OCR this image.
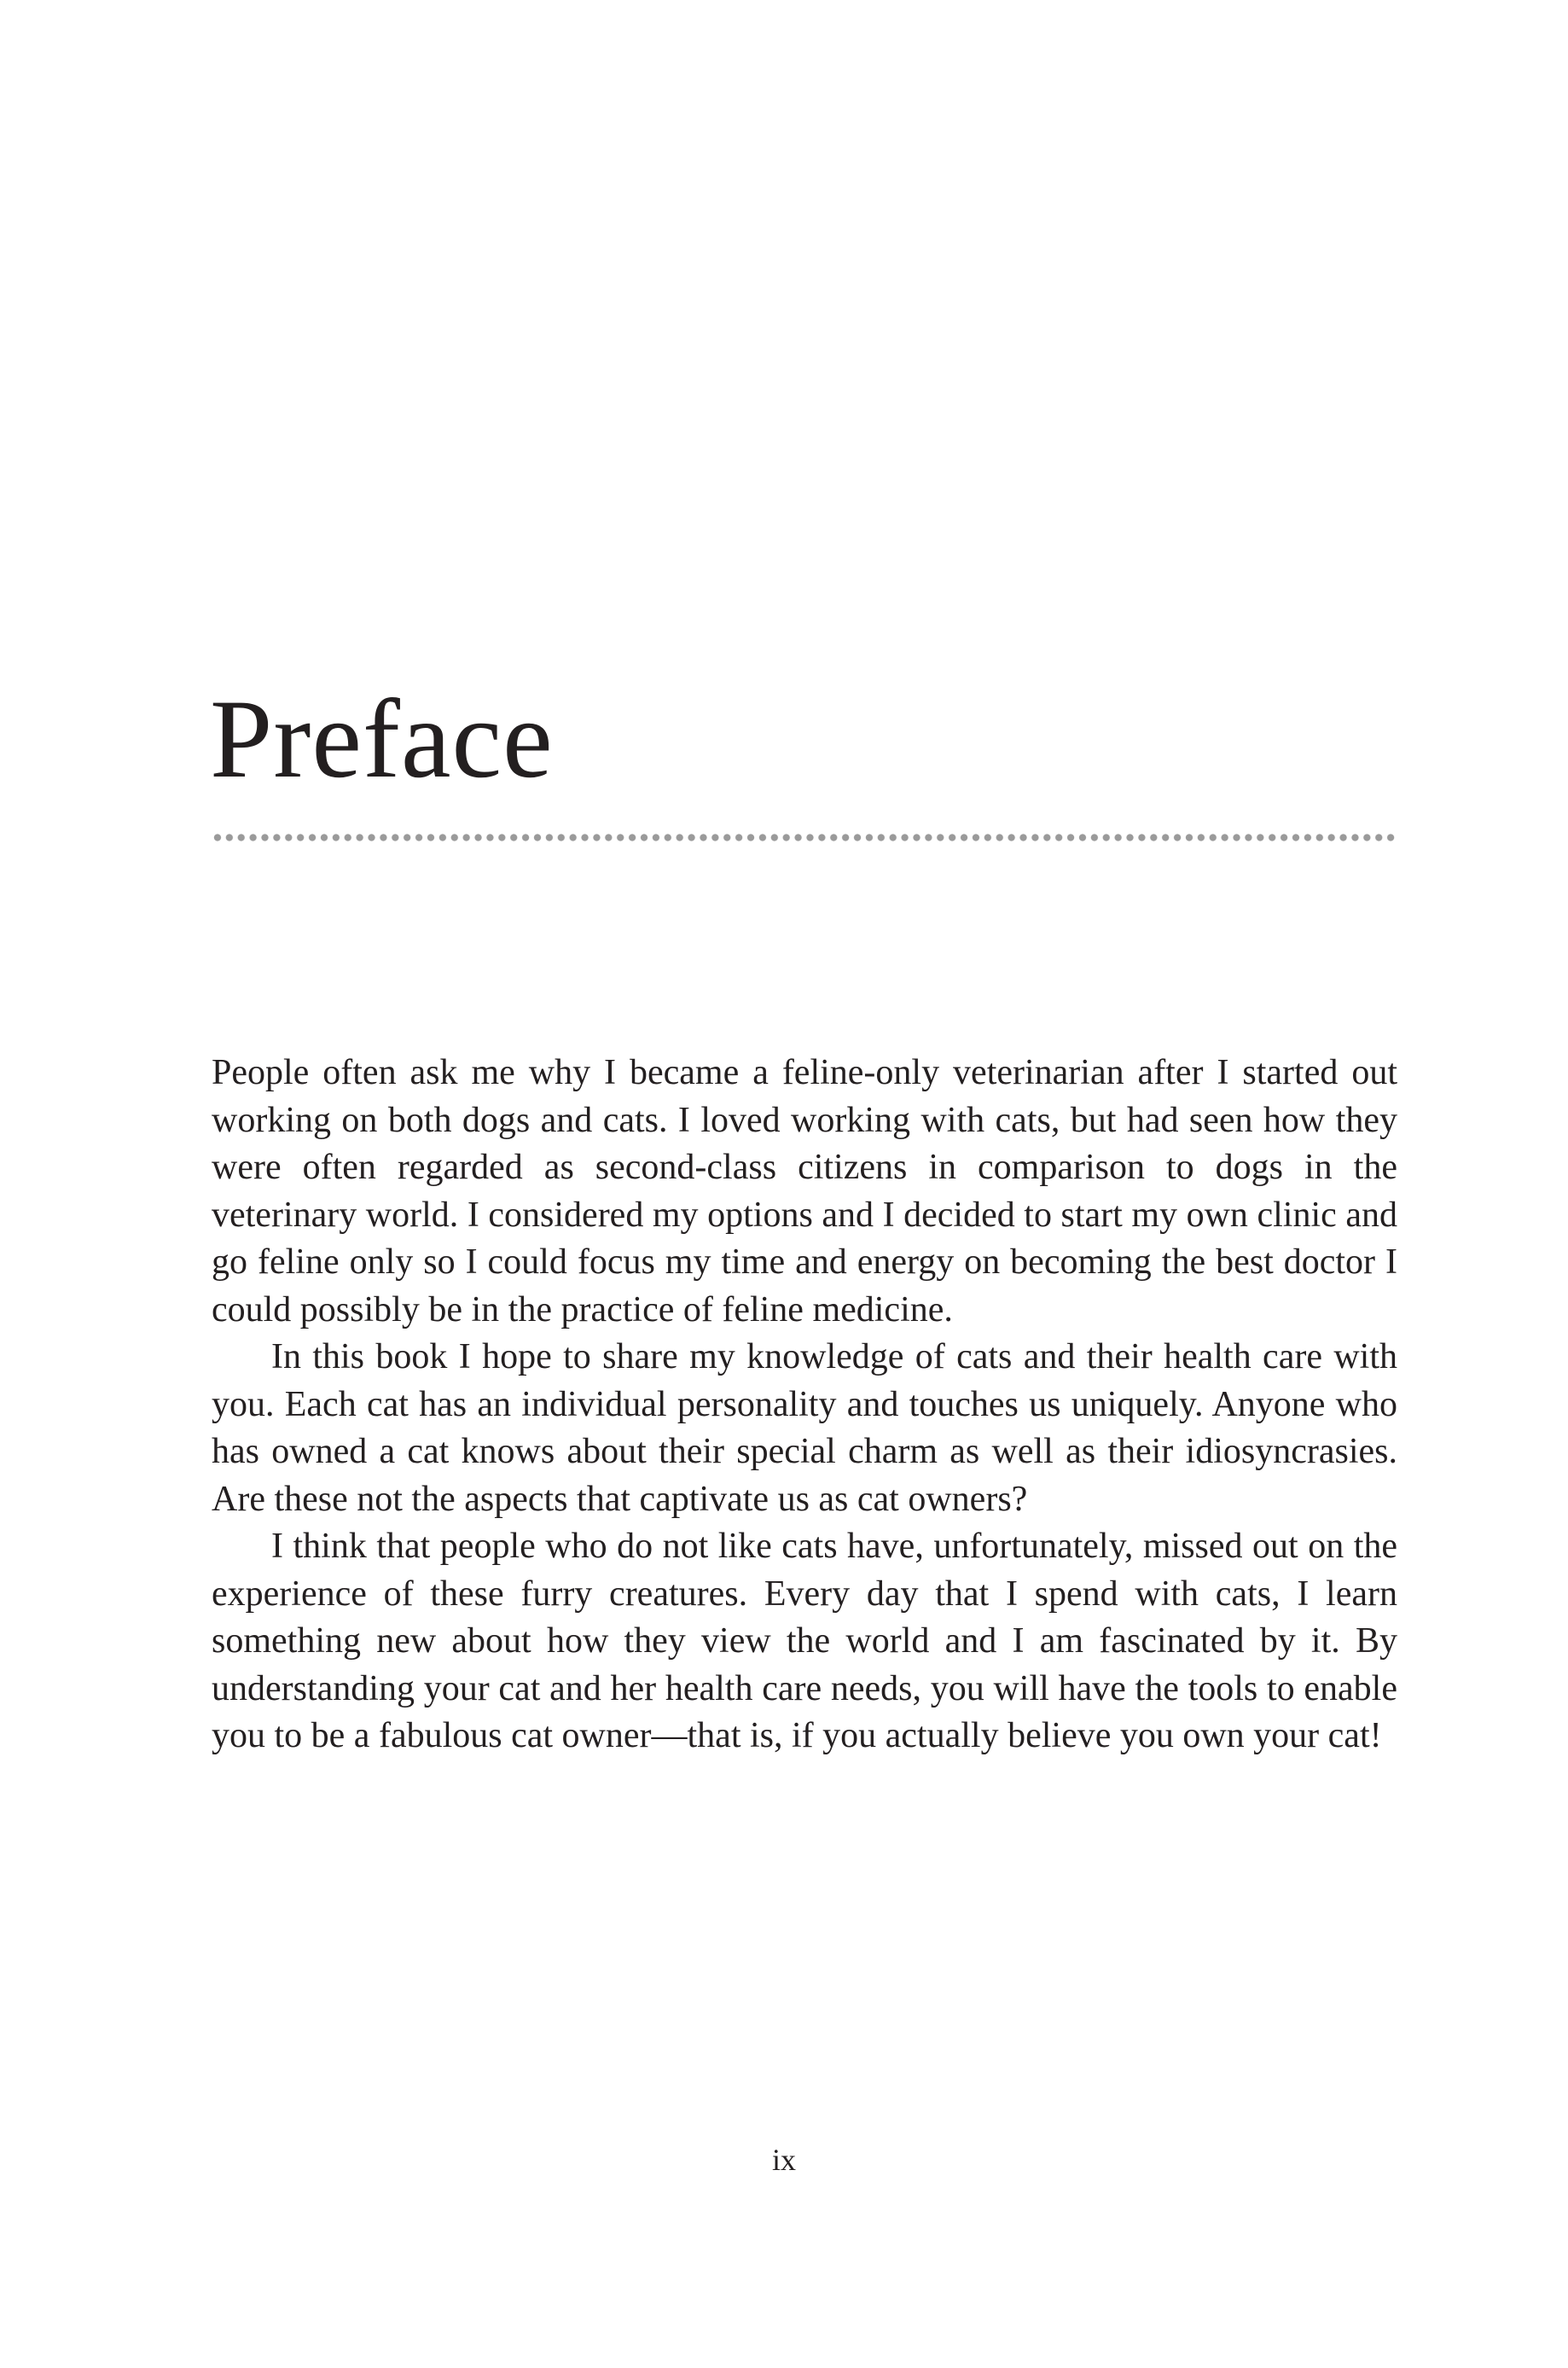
Preface

People often ask me why I became a feline-only veterinarian after I started out working on both dogs and cats. I loved working with cats, but had seen how they were often regarded as second-class citizens in comparison to dogs in the veterinary world. I considered my options and I decided to start my own clinic and go feline only so I could focus my time and energy on becoming the best doctor I could possibly be in the practice of feline medicine.

In this book I hope to share my knowledge of cats and their health care with you. Each cat has an individual personality and touches us uniquely. Anyone who has owned a cat knows about their special charm as well as their idiosyncrasies. Are these not the aspects that captivate us as cat owners?

I think that people who do not like cats have, unfortunately, missed out on the experience of these furry creatures. Every day that I spend with cats, I learn something new about how they view the world and I am fascinated by it. By understanding your cat and her health care needs, you will have the tools to enable you to be a fabulous cat owner—that is, if you actually believe you own your cat!

ix
